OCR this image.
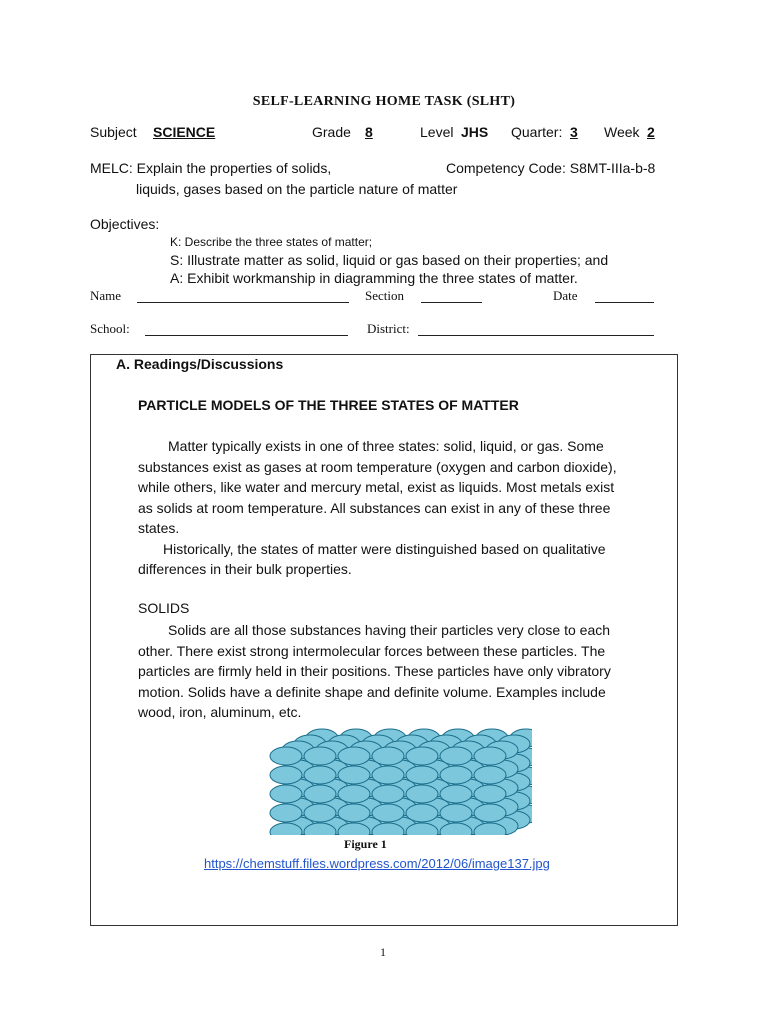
SELF-LEARNING HOME TASK (SLHT)
Subject SCIENCE	Grade 8	Level JHS Quarter: 3 Week 2
MELC: Explain the properties of solids,	Competency Code: S8MT-IIIa-b-8
liquids, gases based on the particle nature of matter
Objectives:
K: Describe the three states of matter;
S: Illustrate matter as solid, liquid or gas based on their properties; and
A: Exhibit workmanship in diagramming the three states of matter.
Name	Section	Date
School:	District:
A. Readings/Discussions
PARTICLE MODELS OF THE THREE STATES OF MATTER
Matter typically exists in one of three states: solid, liquid, or gas. Some
substances exist as gases at room temperature (oxygen and carbon dioxide),
while others, like water and mercury metal, exist as liquids. Most metals exist
as solids at room temperature. All substances can exist in any of these three
states.
Historically, the states of matter were distinguished based on qualitative
differences in their bulk properties.
SOLIDS
Solids are all those substances having their particles very close to each
other. There exist strong intermolecular forces between these particles. The
particles are firmly held in their positions. These particles have only vibratory
motion. Solids have a definite shape and definite volume. Examples include
wood, iron, aluminum, etc.
Figure 1
https://chemstuff.files.wordpress.com/2012/06/image137.jpg
1
